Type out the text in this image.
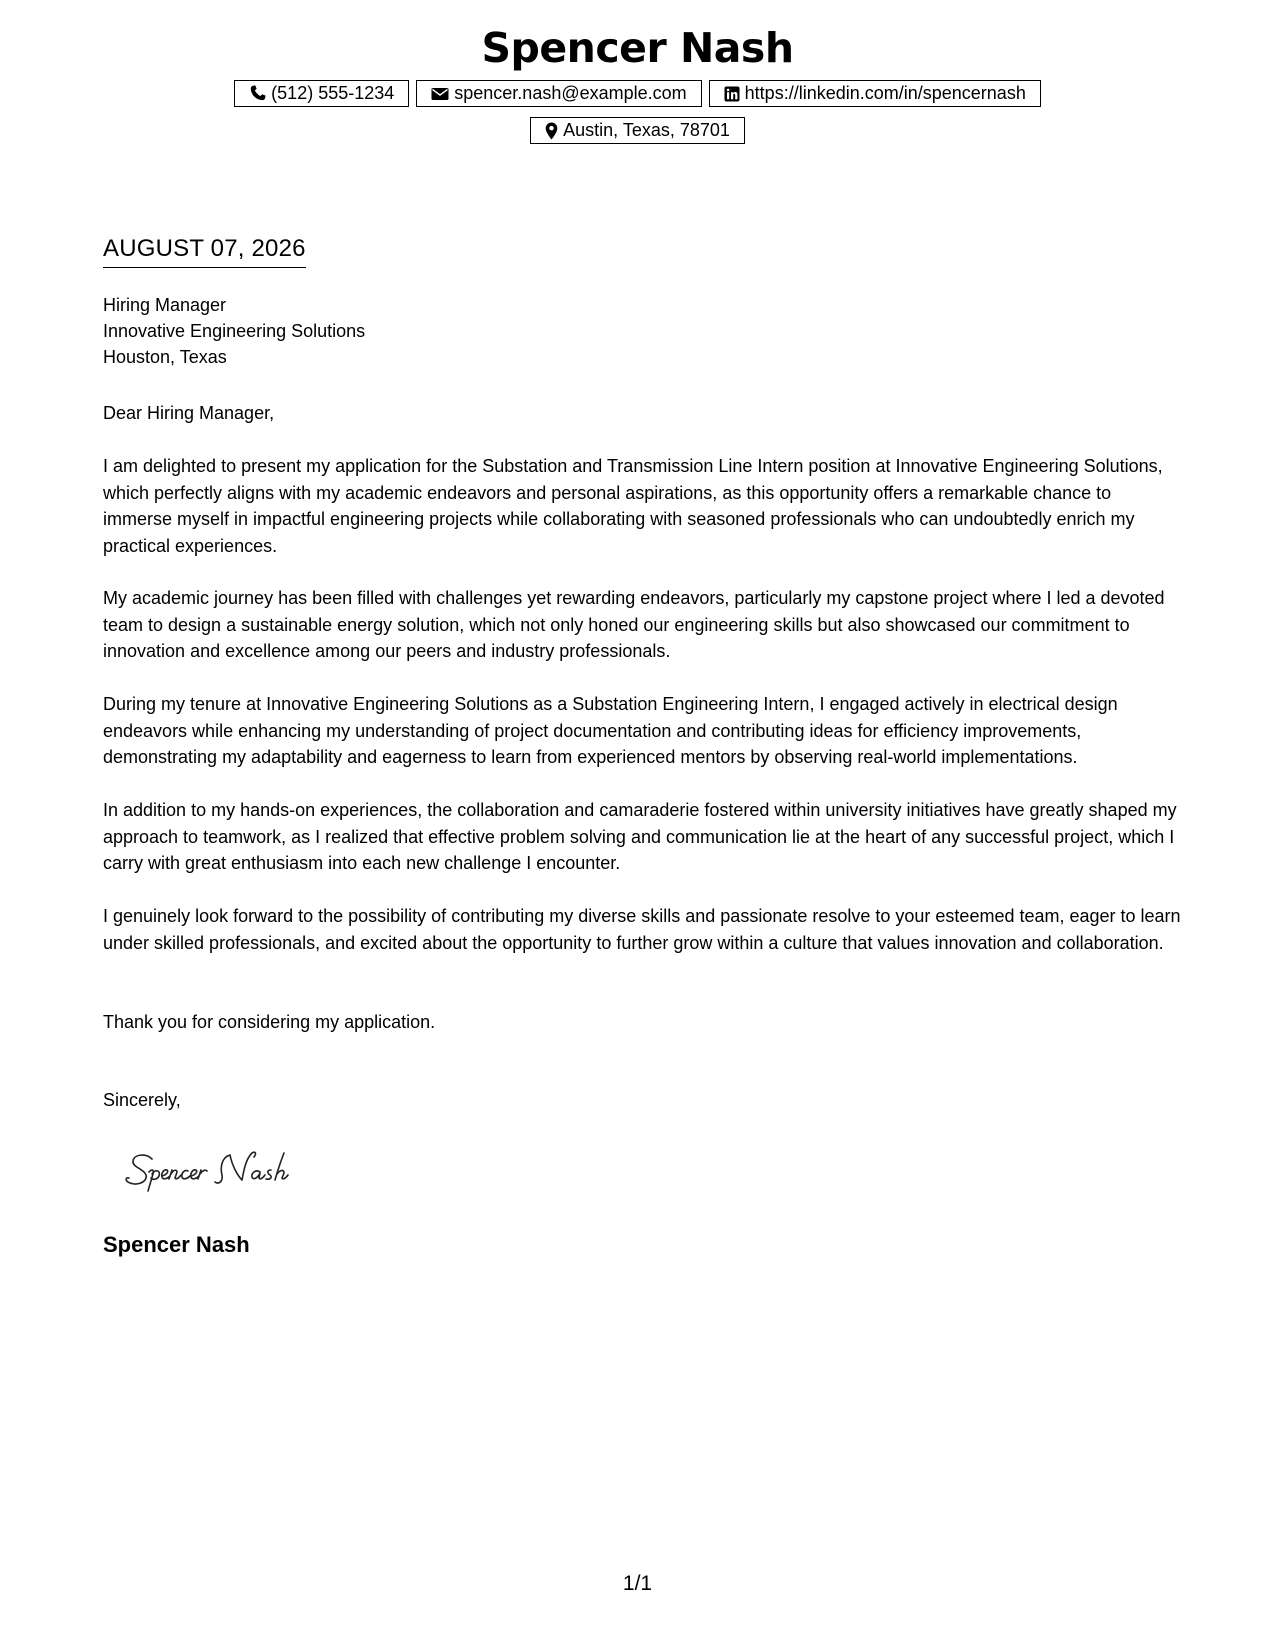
Spencer Nash
(512) 555-1234	spencer.nash@example.com	https://linkedin.com/in/spencernash
Austin, Texas, 78701
AUGUST 07, 2026
Hiring Manager
Innovative Engineering Solutions
Houston, Texas
Dear Hiring Manager,

I am delighted to present my application for the Substation and Transmission Line Intern position at Innovative Engineering Solutions, which perfectly aligns with my academic endeavors and personal aspirations, as this opportunity offers a remarkable chance to immerse myself in impactful engineering projects while collaborating with seasoned professionals who can undoubtedly enrich my practical experiences.

My academic journey has been filled with challenges yet rewarding endeavors, particularly my capstone project where I led a devoted team to design a sustainable energy solution, which not only honed our engineering skills but also showcased our commitment to innovation and excellence among our peers and industry professionals.

During my tenure at Innovative Engineering Solutions as a Substation Engineering Intern, I engaged actively in electrical design endeavors while enhancing my understanding of project documentation and contributing ideas for efficiency improvements, demonstrating my adaptability and eagerness to learn from experienced mentors by observing real-world implementations.

In addition to my hands-on experiences, the collaboration and camaraderie fostered within university initiatives have greatly shaped my approach to teamwork, as I realized that effective problem solving and communication lie at the heart of any successful project, which I carry with great enthusiasm into each new challenge I encounter.

I genuinely look forward to the possibility of contributing my diverse skills and passionate resolve to your esteemed team, eager to learn under skilled professionals, and excited about the opportunity to further grow within a culture that values innovation and collaboration.

Thank you for considering my application.

Sincerely,
Spencer Nash
1/1
